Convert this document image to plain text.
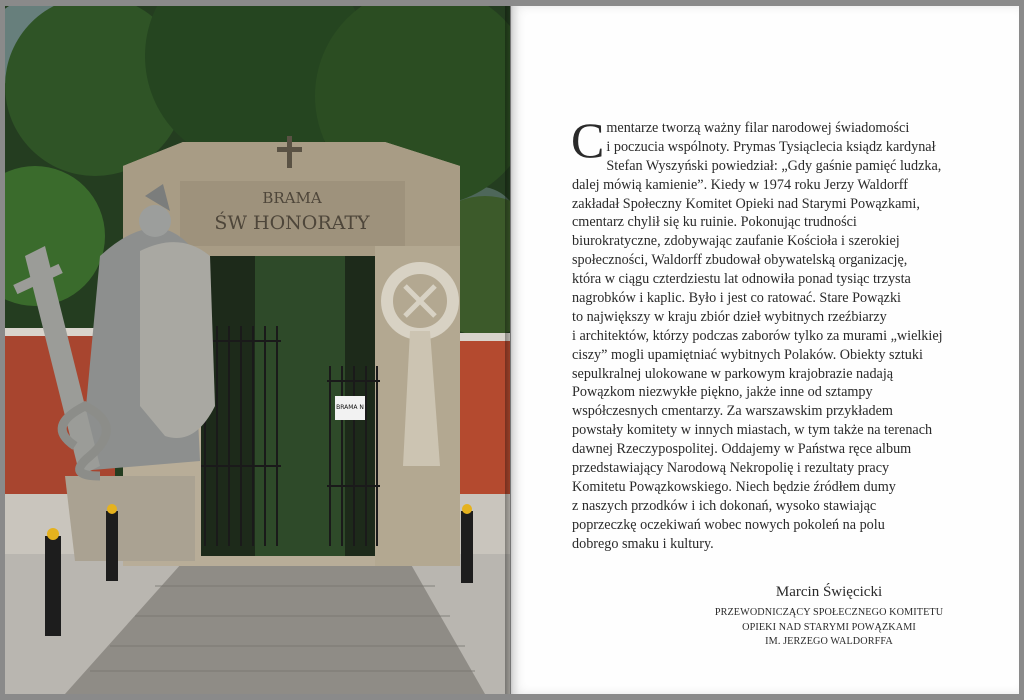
BRAMA
ŚW HONORATY
BRAMA N
C mentarze tworzą ważny filar narodowej świadomości
i poczucia wspólnoty. Prymas Tysiąclecia ksiądz kardynał
Stefan Wyszyński powiedział: „Gdy gaśnie pamięć ludzka,
dalej mówią kamienie”. Kiedy w 1974 roku Jerzy Waldorff
zakładał Społeczny Komitet Opieki nad Starymi Powązkami,
cmentarz chylił się ku ruinie. Pokonując trudności
biurokratyczne, zdobywając zaufanie Kościoła i szerokiej
społeczności, Waldorff zbudował obywatelską organizację,
która w ciągu czterdziestu lat odnowiła ponad tysiąc trzysta
nagrobków i kaplic. Było i jest co ratować. Stare Powązki
to największy w kraju zbiór dzieł wybitnych rzeźbiarzy
i architektów, którzy podczas zaborów tylko za murami „wielkiej
ciszy” mogli upamiętniać wybitnych Polaków. Obiekty sztuki
sepulkralnej ulokowane w parkowym krajobrazie nadają
Powązkom niezwykłe piękno, jakże inne od sztampy
współczesnych cmentarzy. Za warszawskim przykładem
powstały komitety w innych miastach, w tym także na terenach
dawnej Rzeczypospolitej. Oddajemy w Państwa ręce album
przedstawiający Narodową Nekropolię i rezultaty pracy
Komitetu Powązkowskiego. Niech będzie źródłem dumy
z naszych przodków i ich dokonań, wysoko stawiając
poprzeczkę oczekiwań wobec nowych pokoleń na polu
dobrego smaku i kultury.
Marcin Święcicki
PRZEWODNICZĄCY SPOŁECZNEGO KOMITETU
OPIEKI NAD STARYMI POWĄZKAMI
IM. JERZEGO WALDORFFA
